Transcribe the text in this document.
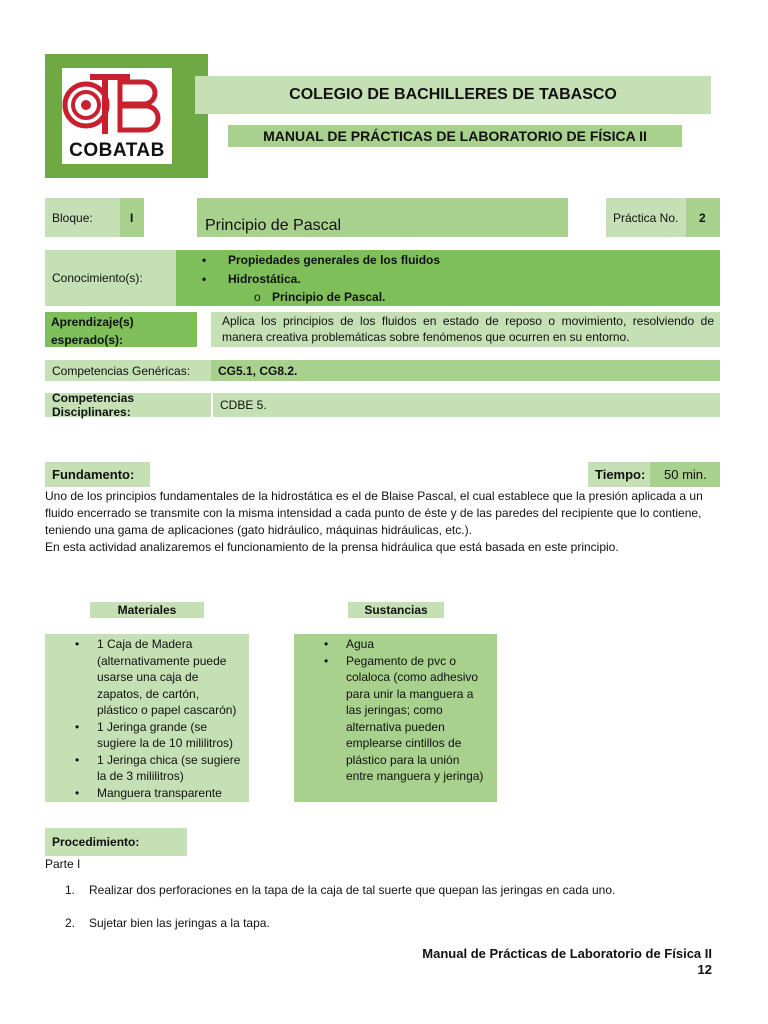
COBATAB
COLEGIO DE BACHILLERES DE TABASCO
MANUAL DE PRÁCTICAS DE LABORATORIO DE FÍSICA II
Bloque:	I	Principio de Pascal	Práctica No.	2
Conocimiento(s):
• Propiedades generales de los fluidos
• Hidrostática.
o Principio de Pascal.
Aprendizaje(s) esperado(s):
Aplica los principios de los fluidos en estado de reposo o movimiento, resolviendo de manera creativa problemáticas sobre fenómenos que ocurren en su entorno.
Competencias Genéricas:	CG5.1, CG8.2.
Competencias Disciplinares:	CDBE 5.
Fundamento:	Tiempo:	50 min.
Uno de los principios fundamentales de la hidrostática es el de Blaise Pascal, el cual establece que la presión aplicada a un fluido encerrado se transmite con la misma intensidad a cada punto de éste y de las paredes del recipiente que lo contiene, teniendo una gama de aplicaciones (gato hidráulico, máquinas hidráulicas, etc.).
En esta actividad analizaremos el funcionamiento de la prensa hidráulica que está basada en este principio.
Materiales	Sustancias
• 1 Caja de Madera (alternativamente puede usarse una caja de zapatos, de cartón, plástico o papel cascarón)
• 1 Jeringa grande (se sugiere la de 10 mililitros)
• 1 Jeringa chica (se sugiere la de 3 mililitros)
• Manguera transparente
• Agua
• Pegamento de pvc o colaloca (como adhesivo para unir la manguera a las jeringas; como alternativa pueden emplearse cintillos de plástico para la unión entre manguera y jeringa)
Procedimiento:
Parte I
1. Realizar dos perforaciones en la tapa de la caja de tal suerte que quepan las jeringas en cada uno.
2. Sujetar bien las jeringas a la tapa.
Manual de Prácticas de Laboratorio de Física II
12
